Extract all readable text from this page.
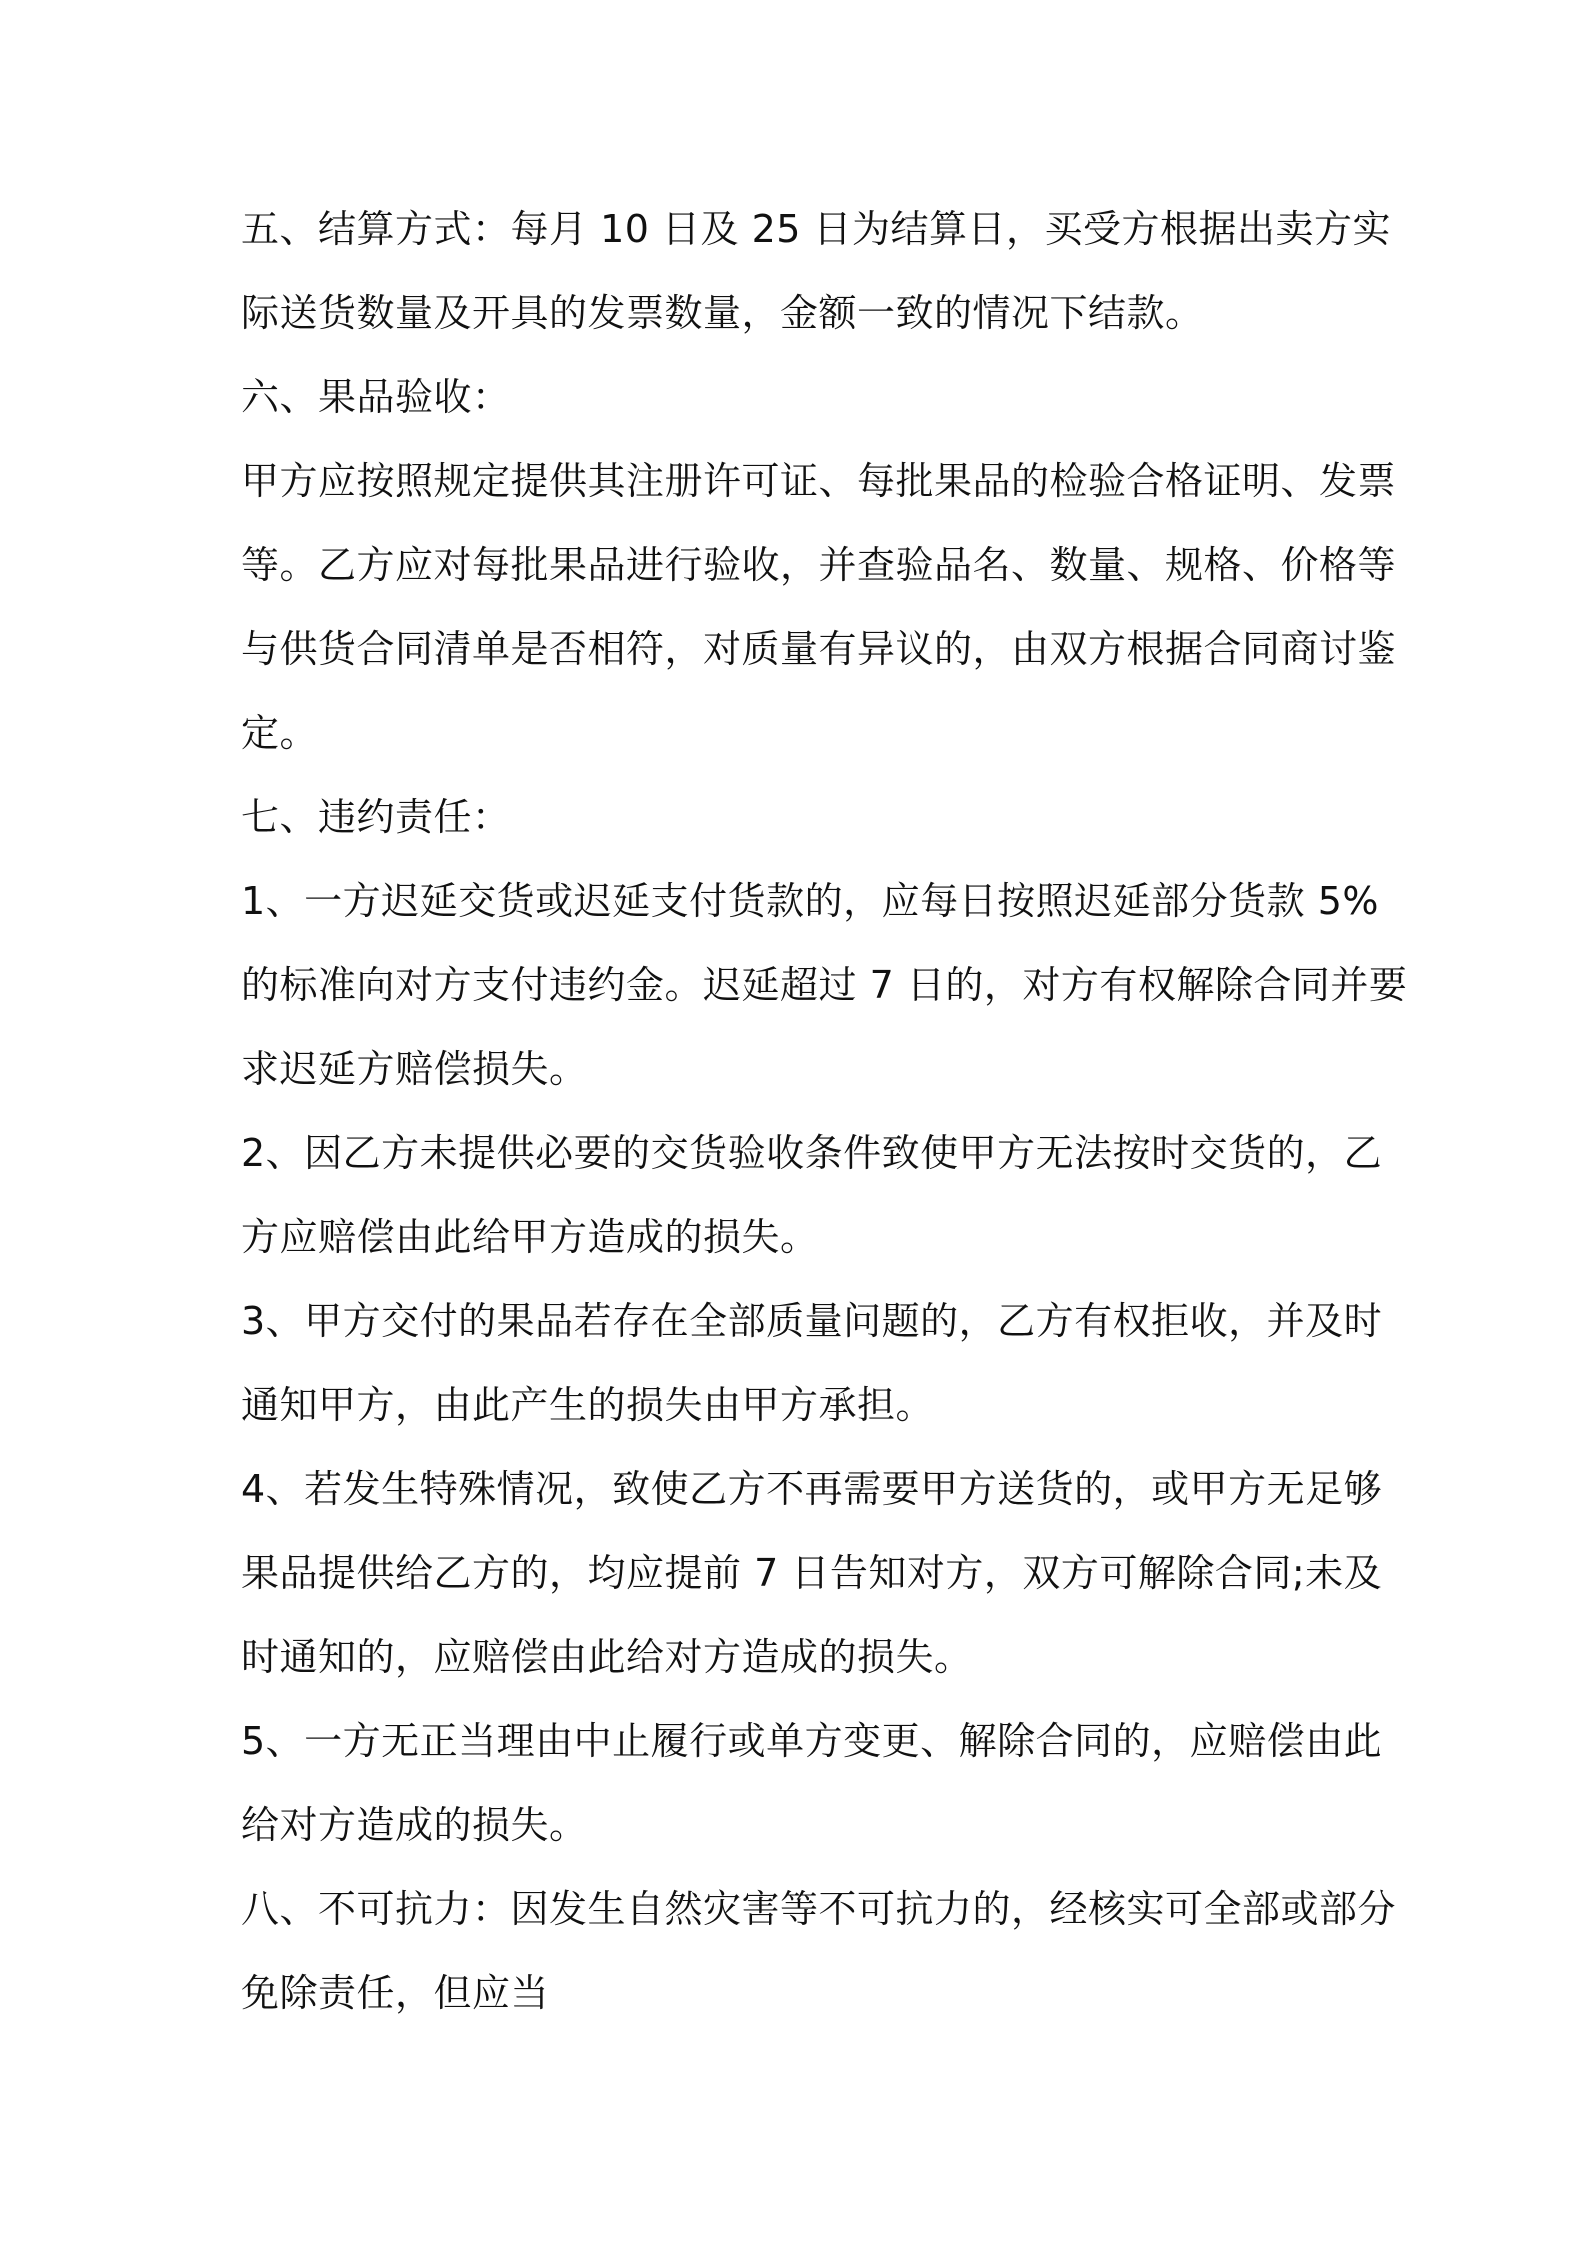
五、结算方式：每月 10 日及 25 日为结算日，买受方根据出卖方实
际送货数量及开具的发票数量，金额一致的情况下结款。
六、果品验收：
甲方应按照规定提供其注册许可证、每批果品的检验合格证明、发票
等。乙方应对每批果品进行验收，并查验品名、数量、规格、价格等
与供货合同清单是否相符，对质量有异议的，由双方根据合同商讨鉴
定。
七、违约责任：
1、一方迟延交货或迟延支付货款的，应每日按照迟延部分货款 5%
的标准向对方支付违约金。迟延超过 7 日的，对方有权解除合同并要
求迟延方赔偿损失。
2、因乙方未提供必要的交货验收条件致使甲方无法按时交货的，乙
方应赔偿由此给甲方造成的损失。
3、甲方交付的果品若存在全部质量问题的，乙方有权拒收，并及时
通知甲方，由此产生的损失由甲方承担。
4、若发生特殊情况，致使乙方不再需要甲方送货的，或甲方无足够
果品提供给乙方的，均应提前 7 日告知对方，双方可解除合同;未及
时通知的，应赔偿由此给对方造成的损失。
5、一方无正当理由中止履行或单方变更、解除合同的，应赔偿由此
给对方造成的损失。
八、不可抗力：因发生自然灾害等不可抗力的，经核实可全部或部分
免除责任，但应当
